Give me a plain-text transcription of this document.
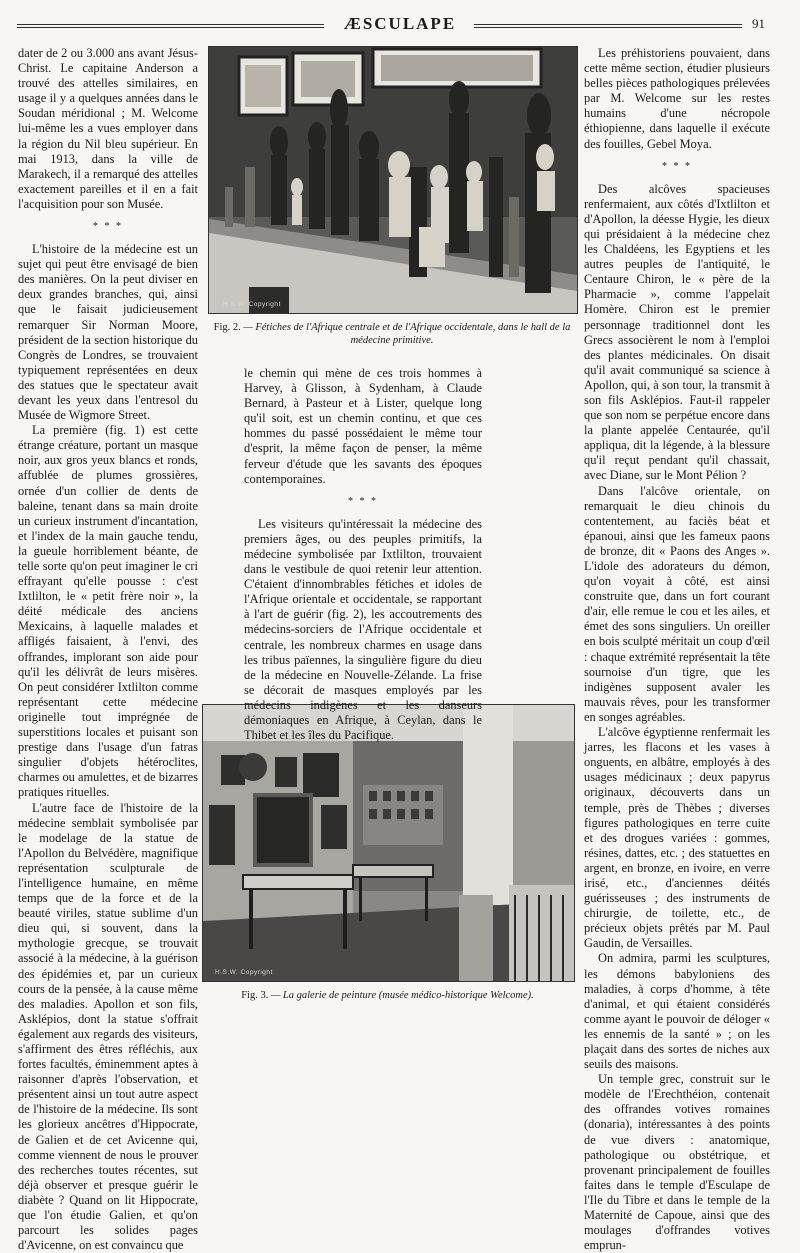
ÆSCULAPE	91
H.S.W. Copyright
Fig. 2. — Fétiches de l'Afrique centrale et de l'Afrique occidentale, dans le hall de la médecine primitive.
H.S.W. Copyright
Fig. 3. — La galerie de peinture (musée médico-historique Welcome).

dater de 2 ou 3.000 ans avant Jésus-Christ. Le capitaine Anderson a trouvé des attelles similaires, en usage il y a quelques années dans le Soudan méridional ; M. Welcome lui-même les a vues employer dans la région du Nil bleu supérieur. En mai 1913, dans la ville de Marakech, il a remarqué des attelles exactement pareilles et il en a fait l'acquisition pour son Musée.

* * *

L'histoire de la médecine est un sujet qui peut être envisagé de bien des manières. On la peut diviser en deux grandes branches, qui, ainsi que le faisait judicieusement remarquer Sir Norman Moore, président de la section historique du Congrès de Londres, se trouvaient typiquement représentées en deux des statues que le spectateur avait devant les yeux dans l'entresol du Musée de Wigmore Street.

La première (fig. 1) est cette étrange créature, portant un masque noir, aux gros yeux blancs et ronds, affublée de plumes grossières, ornée d'un collier de dents de baleine, tenant dans sa main droite un curieux instrument d'incantation, et l'index de la main gauche tendu, la gueule horriblement béante, de telle sorte qu'on peut imaginer le cri effrayant qu'elle pousse : c'est Ixtlilton, le « petit frère noir », la déité médicale des anciens Mexicains, à laquelle malades et affligés faisaient, à l'envi, des offrandes, implorant son aide pour qu'il les délivrât de leurs misères. On peut considérer Ixtlilton comme représentant cette médecine originelle tout imprégnée de superstitions locales et puisant son prestige dans l'usage d'un fatras singulier d'objets hétéroclites, charmes ou amulettes, et de bizarres pratiques rituelles.

L'autre face de l'histoire de la médecine semblait symbolisée par le modelage de la statue de l'Apollon du Belvédère, magnifique représentation sculpturale de l'intelligence humaine, en même temps que de la force et de la beauté viriles, statue sublime d'un dieu qui, si souvent, dans la mythologie grecque, se trouvait associé à la médecine, à la guérison des épidémies et, par un curieux cours de la pensée, à la cause même des maladies. Apollon et son fils, Asklépios, dont la statue s'offrait également aux regards des visiteurs, s'affirment des êtres réfléchis, aux fortes facultés, éminemment aptes à raisonner d'après l'observation, et présentent ainsi un tout autre aspect de l'histoire de la médecine. Ils sont les glorieux ancêtres d'Hippocrate, de Galien et de cet Avicenne qui, comme viennent de nous le prouver des recherches toutes récentes, sut déjà observer et presque guérir le diabète ? Quand on lit Hippocrate, que l'on étudie Galien, et qu'on parcourt les solides pages d'Avicenne, on est convaincu que

le chemin qui mène de ces trois hommes à Harvey, à Glisson, à Sydenham, à Claude Bernard, à Pasteur et à Lister, quelque long qu'il soit, est un chemin continu, et que ces hommes du passé possédaient le même tour d'esprit, la même façon de penser, la même ferveur d'étude que les savants des époques contemporaines.

* * *

Les visiteurs qu'intéressait la médecine des premiers âges, ou des peuples primitifs, la médecine symbolisée par Ixtlilton, trouvaient dans le vestibule de quoi retenir leur attention. C'étaient d'innombrables fétiches et idoles de l'Afrique orientale et occidentale, se rapportant à l'art de guérir (fig. 2), les accoutrements des médecins-sorciers de l'Afrique occidentale et centrale, les nombreux charmes en usage dans les tribus païennes, la singulière figure du dieu de la médecine en Nouvelle-Zélande. La frise se décorait de masques employés par les médecins indigènes et les danseurs démoniaques en Afrique, à Ceylan, dans le Thibet et les îles du Pacifique.

Les préhistoriens pouvaient, dans cette même section, étudier plusieurs belles pièces pathologiques prélevées par M. Welcome sur les restes humains d'une nécropole éthiopienne, dans laquelle il exécute des fouilles, Gebel Moya.

* * *

Des alcôves spacieuses renfermaient, aux côtés d'Ixtlilton et d'Apollon, la déesse Hygie, les dieux qui présidaient à la médecine chez les Chaldéens, les Egyptiens et les autres peuples de l'antiquité, le Centaure Chiron, le « père de la Pharmacie », comme l'appelait Homère. Chiron est le premier personnage traditionnel dont les Grecs associèrent le nom à l'emploi des plantes médicinales. On disait qu'il avait communiqué sa science à Apollon, qui, à son tour, la transmit à son fils Asklépios. Faut-il rappeler que son nom se perpétue encore dans la plante appelée Centaurée, qu'il appliqua, dit la légende, à la blessure qu'il reçut pendant qu'il chassait, avec Diane, sur le Mont Pélion ?

Dans l'alcôve orientale, on remarquait le dieu chinois du contentement, au faciès béat et épanoui, ainsi que les fameux paons de bronze, dit « Paons des Anges ». L'idole des adorateurs du démon, qu'on voyait à côté, est ainsi construite que, dans un fort courant d'air, elle remue le cou et les ailes, et émet des sons singuliers. Un oreiller en bois sculpté méritait un coup d'œil : chaque extrémité représentait la tête sournoise d'un tigre, que les indigènes supposent avaler les mauvais rêves, pour les transformer en songes agréables.

L'alcôve égyptienne renfermait les jarres, les flacons et les vases à onguents, en albâtre, employés à des usages médicinaux ; deux papyrus originaux, découverts dans un temple, près de Thèbes ; diverses figures pathologiques en terre cuite et des drogues variées : gommes, résines, dattes, etc. ; des statuettes en argent, en bronze, en ivoire, en verre irisé, etc., d'anciennes déités guérisseuses ; des instruments de chirurgie, de toilette, etc., de précieux objets prêtés par M. Paul Gaudin, de Versailles.

On admira, parmi les sculptures, les démons babyloniens des maladies, à corps d'homme, à tête d'animal, et qui étaient considérés comme ayant le pouvoir de déloger « les ennemis de la santé » ; on les plaçait dans des sortes de niches aux seuils des maisons.

Un temple grec, construit sur le modèle de l'Erechthéion, contenait des offrandes votives romaines (donaria), intéressantes à des points de vue divers : anatomique, pathologique ou obstétrique, et provenant principalement de fouilles faites dans le temple d'Esculape de l'Ile du Tibre et dans le temple de la Maternité de Capoue, ainsi que des moulages d'offrandes votives emprun-
